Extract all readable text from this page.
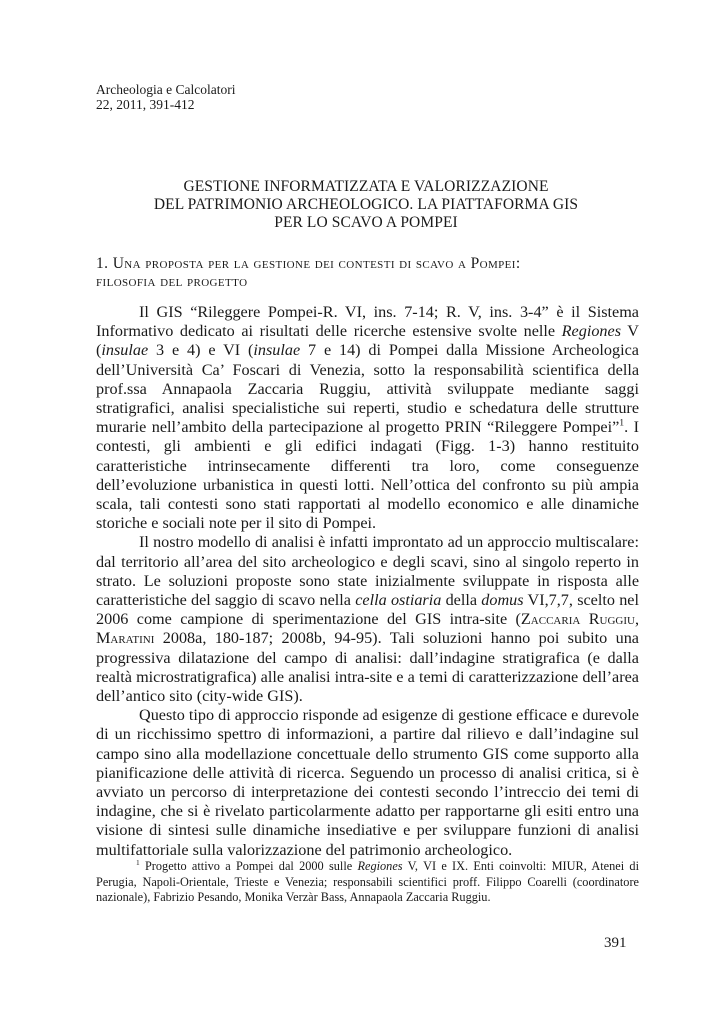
Archeologia e Calcolatori
22, 2011, 391-412
GESTIONE INFORMATIZZATA E VALORIZZAZIONE
DEL PATRIMONIO ARCHEOLOGICO. LA PIATTAFORMA GIS
PER LO SCAVO A POMPEI
1. Una proposta per la gestione dei contesti di scavo a Pompei:
filosofia del progetto

Il GIS “Rileggere Pompei-R. VI, ins. 7-14; R. V, ins. 3-4” è il Sistema Informativo dedicato ai risultati delle ricerche estensive svolte nelle Regiones V (insulae 3 e 4) e VI (insulae 7 e 14) di Pompei dalla Missione Archeologica dell’Università Ca’ Foscari di Venezia, sotto la responsabilità scientifica della prof.ssa Annapaola Zaccaria Ruggiu, attività sviluppate mediante saggi stratigrafici, analisi specialistiche sui reperti, studio e schedatura delle strutture murarie nell’ambito della partecipazione al progetto PRIN “Rileggere Pompei”$^1$. I contesti, gli ambienti e gli edifici indagati (Figg. 1-3) hanno restituito caratteristiche intrinsecamente differenti tra loro, come conseguenze dell’evoluzione urbanistica in questi lotti. Nell’ottica del confronto su più ampia scala, tali contesti sono stati rapportati al modello economico e alle dinamiche storiche e sociali note per il sito di Pompei.

Il nostro modello di analisi è infatti improntato ad un approccio multiscalare: dal territorio all’area del sito archeologico e degli scavi, sino al singolo reperto in strato. Le soluzioni proposte sono state inizialmente sviluppate in risposta alle caratteristiche del saggio di scavo nella cella ostiaria della domus VI,7,7, scelto nel 2006 come campione di sperimentazione del GIS intra-site (Zaccaria Ruggiu, Maratini 2008a, 180-187; 2008b, 94-95). Tali soluzioni hanno poi subito una progressiva dilatazione del campo di analisi: dall’indagine stratigrafica (e dalla realtà microstratigrafica) alle analisi intra-site e a temi di caratterizzazione dell’area dell’antico sito (city-wide GIS).

Questo tipo di approccio risponde ad esigenze di gestione efficace e durevole di un ricchissimo spettro di informazioni, a partire dal rilievo e dall’indagine sul campo sino alla modellazione concettuale dello strumento GIS come supporto alla pianificazione delle attività di ricerca. Seguendo un processo di analisi critica, si è avviato un percorso di interpretazione dei contesti secondo l’intreccio dei temi di indagine, che si è rivelato particolarmente adatto per rapportarne gli esiti entro una visione di sintesi sulle dinamiche insediative e per sviluppare funzioni di analisi multifattoriale sulla valorizzazione del patrimonio archeologico.

$^1$ Progetto attivo a Pompei dal 2000 sulle Regiones V, VI e IX. Enti coinvolti: MIUR, Atenei di Perugia, Napoli-Orientale, Trieste e Venezia; responsabili scientifici proff. Filippo Coarelli (coordinatore nazionale), Fabrizio Pesando, Monika Verzàr Bass, Annapaola Zaccaria Ruggiu.

391
